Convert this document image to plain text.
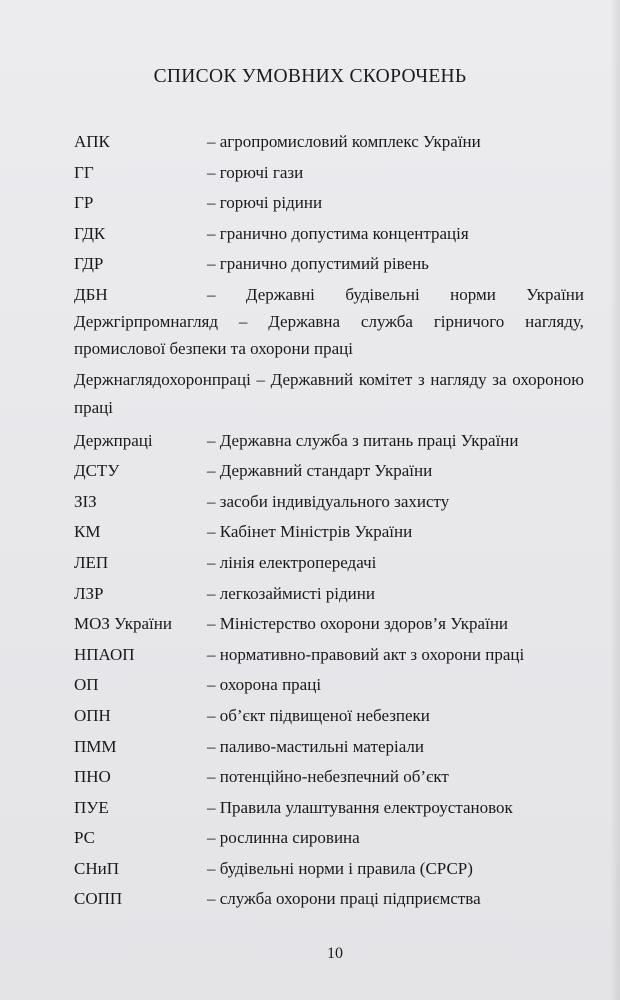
СПИСОК УМОВНИХ СКОРОЧЕНЬ
АПК	– агропромисловий комплекс України
ГГ	– горючі гази
ГР	– горючі рідини
ГДК	– гранично допустима концентрація
ГДР	– гранично допустимий рівень
ДБН	– Державні будівельні норми України
Держгірпромнагляд – Державна служба гірничого нагляду,
промислової безпеки та охорони праці
Держнаглядохоронпраці – Державний комітет з нагляду за охороною
праці
Держпраці	– Державна служба з питань праці України
ДСТУ	– Державний стандарт України
ЗІЗ	– засоби індивідуального захисту
КМ	– Кабінет Міністрів України
ЛЕП	– лінія електропередачі
ЛЗР	– легкозаймисті рідини
МОЗ України – Міністерство охорони здоров’я України
НПАОП	– нормативно-правовий акт з охорони праці
ОП	– охорона праці
ОПН	– об’єкт підвищеної небезпеки
ПММ	– паливо-мастильні матеріали
ПНО	– потенційно-небезпечний об’єкт
ПУЕ	– Правила улаштування електроустановок
РС	– рослинна сировина
СНиП	– будівельні норми і правила (СРСР)
СОПП	– служба охорони праці підприємства
10
